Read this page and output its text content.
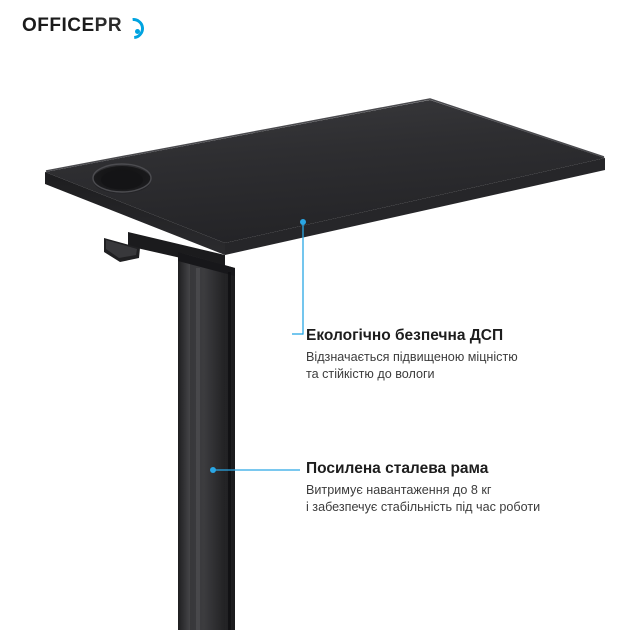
OFFICE PR

Екологічно безпечна ДСП

Відзначається підвищеною міцністю

та стійкістю до вологи

Посилена сталева рама

Витримує навантаження до 8 кг

і забезпечує стабільність під час роботи
